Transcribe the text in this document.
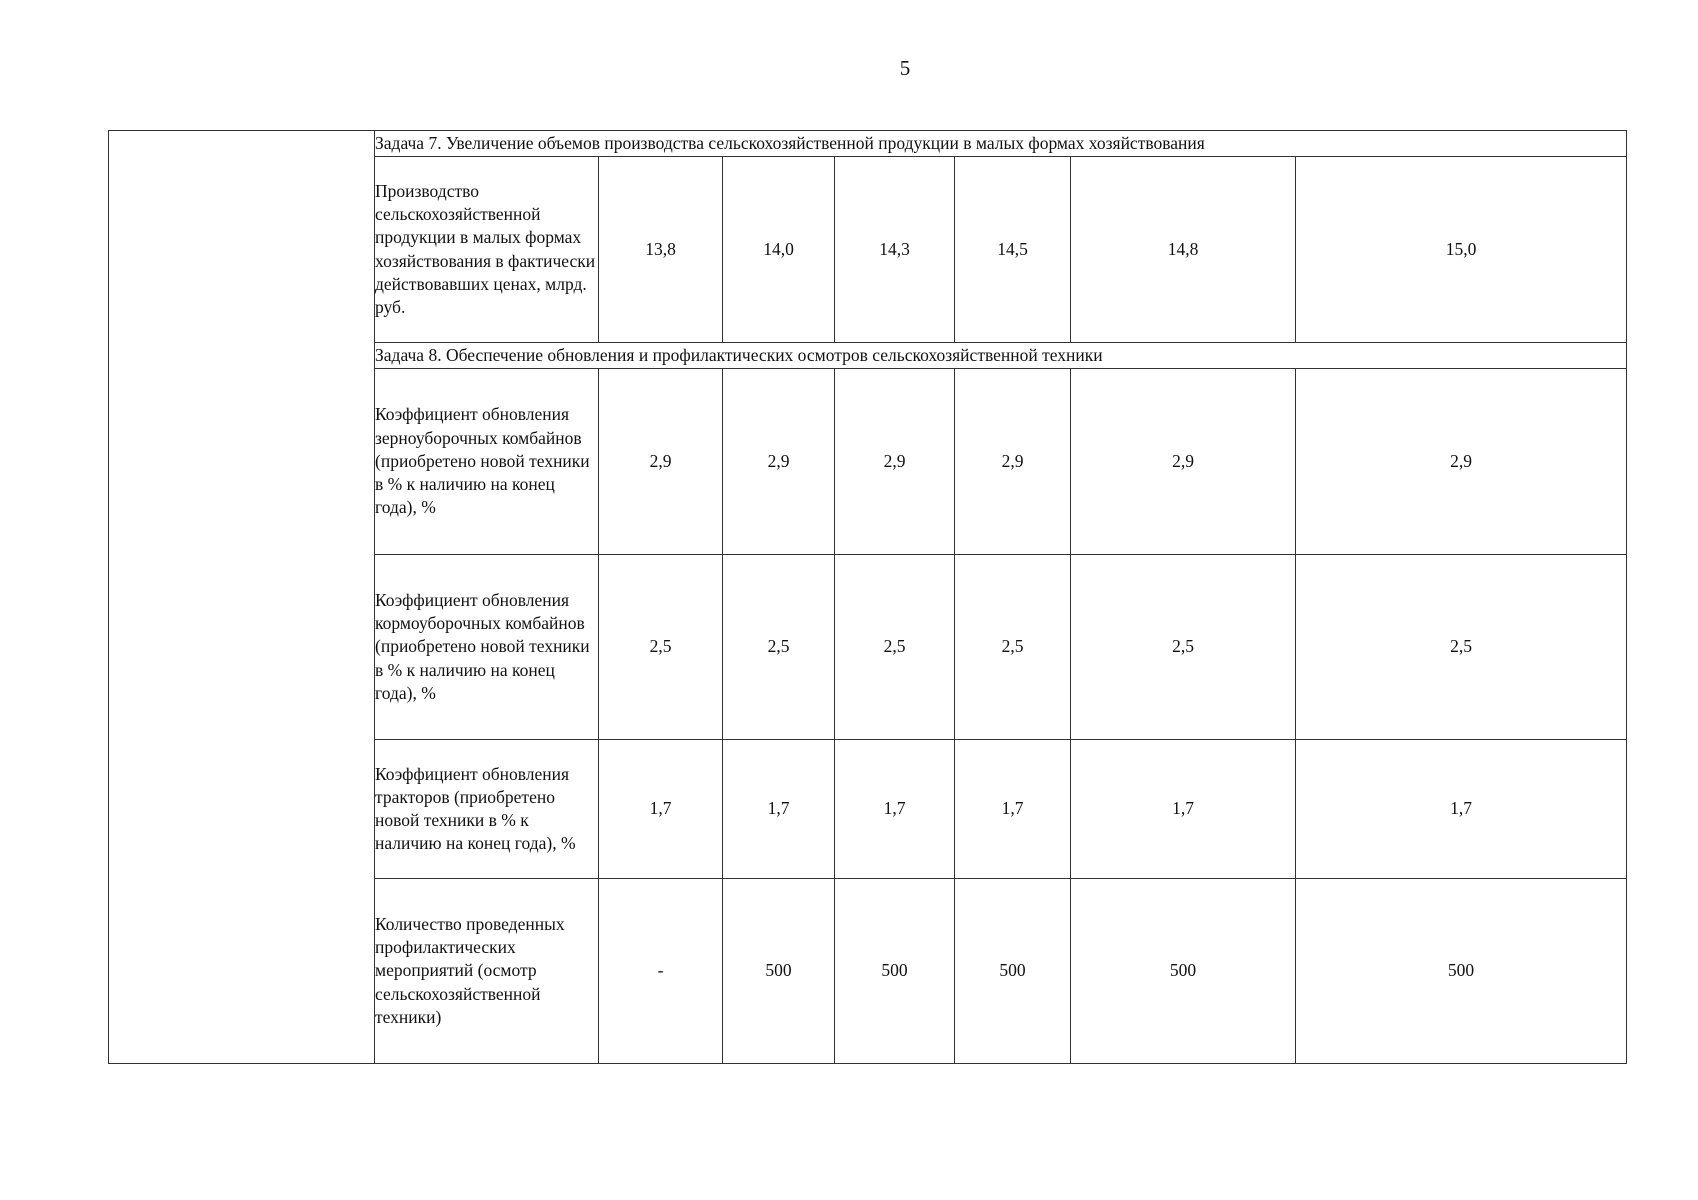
5
	Задача 7. Увеличение объемов производства сельскохозяйственной продукции в малых формах хозяйствования						
	Производство сельскохозяйственной продукции в малых формах хозяйствования в фактически действовавших ценах, млрд. руб.	13,8	14,0	14,3	14,5	14,8	15,0
	Задача 8. Обеспечение обновления и профилактических осмотров сельскохозяйственной техники						
	Коэффициент обновления зерноуборочных комбайнов (приобретено новой техники в % к наличию на конец года), %	2,9	2,9	2,9	2,9	2,9	2,9
	Коэффициент обновления кормоуборочных комбайнов (приобретено новой техники в % к наличию на конец года), %	2,5	2,5	2,5	2,5	2,5	2,5
	Коэффициент обновления тракторов (приобретено новой техники в % к наличию на конец года), %	1,7	1,7	1,7	1,7	1,7	1,7
	Количество проведенных профилактических мероприятий (осмотр сельскохозяйственной техники)	-	500	500	500	500	500
